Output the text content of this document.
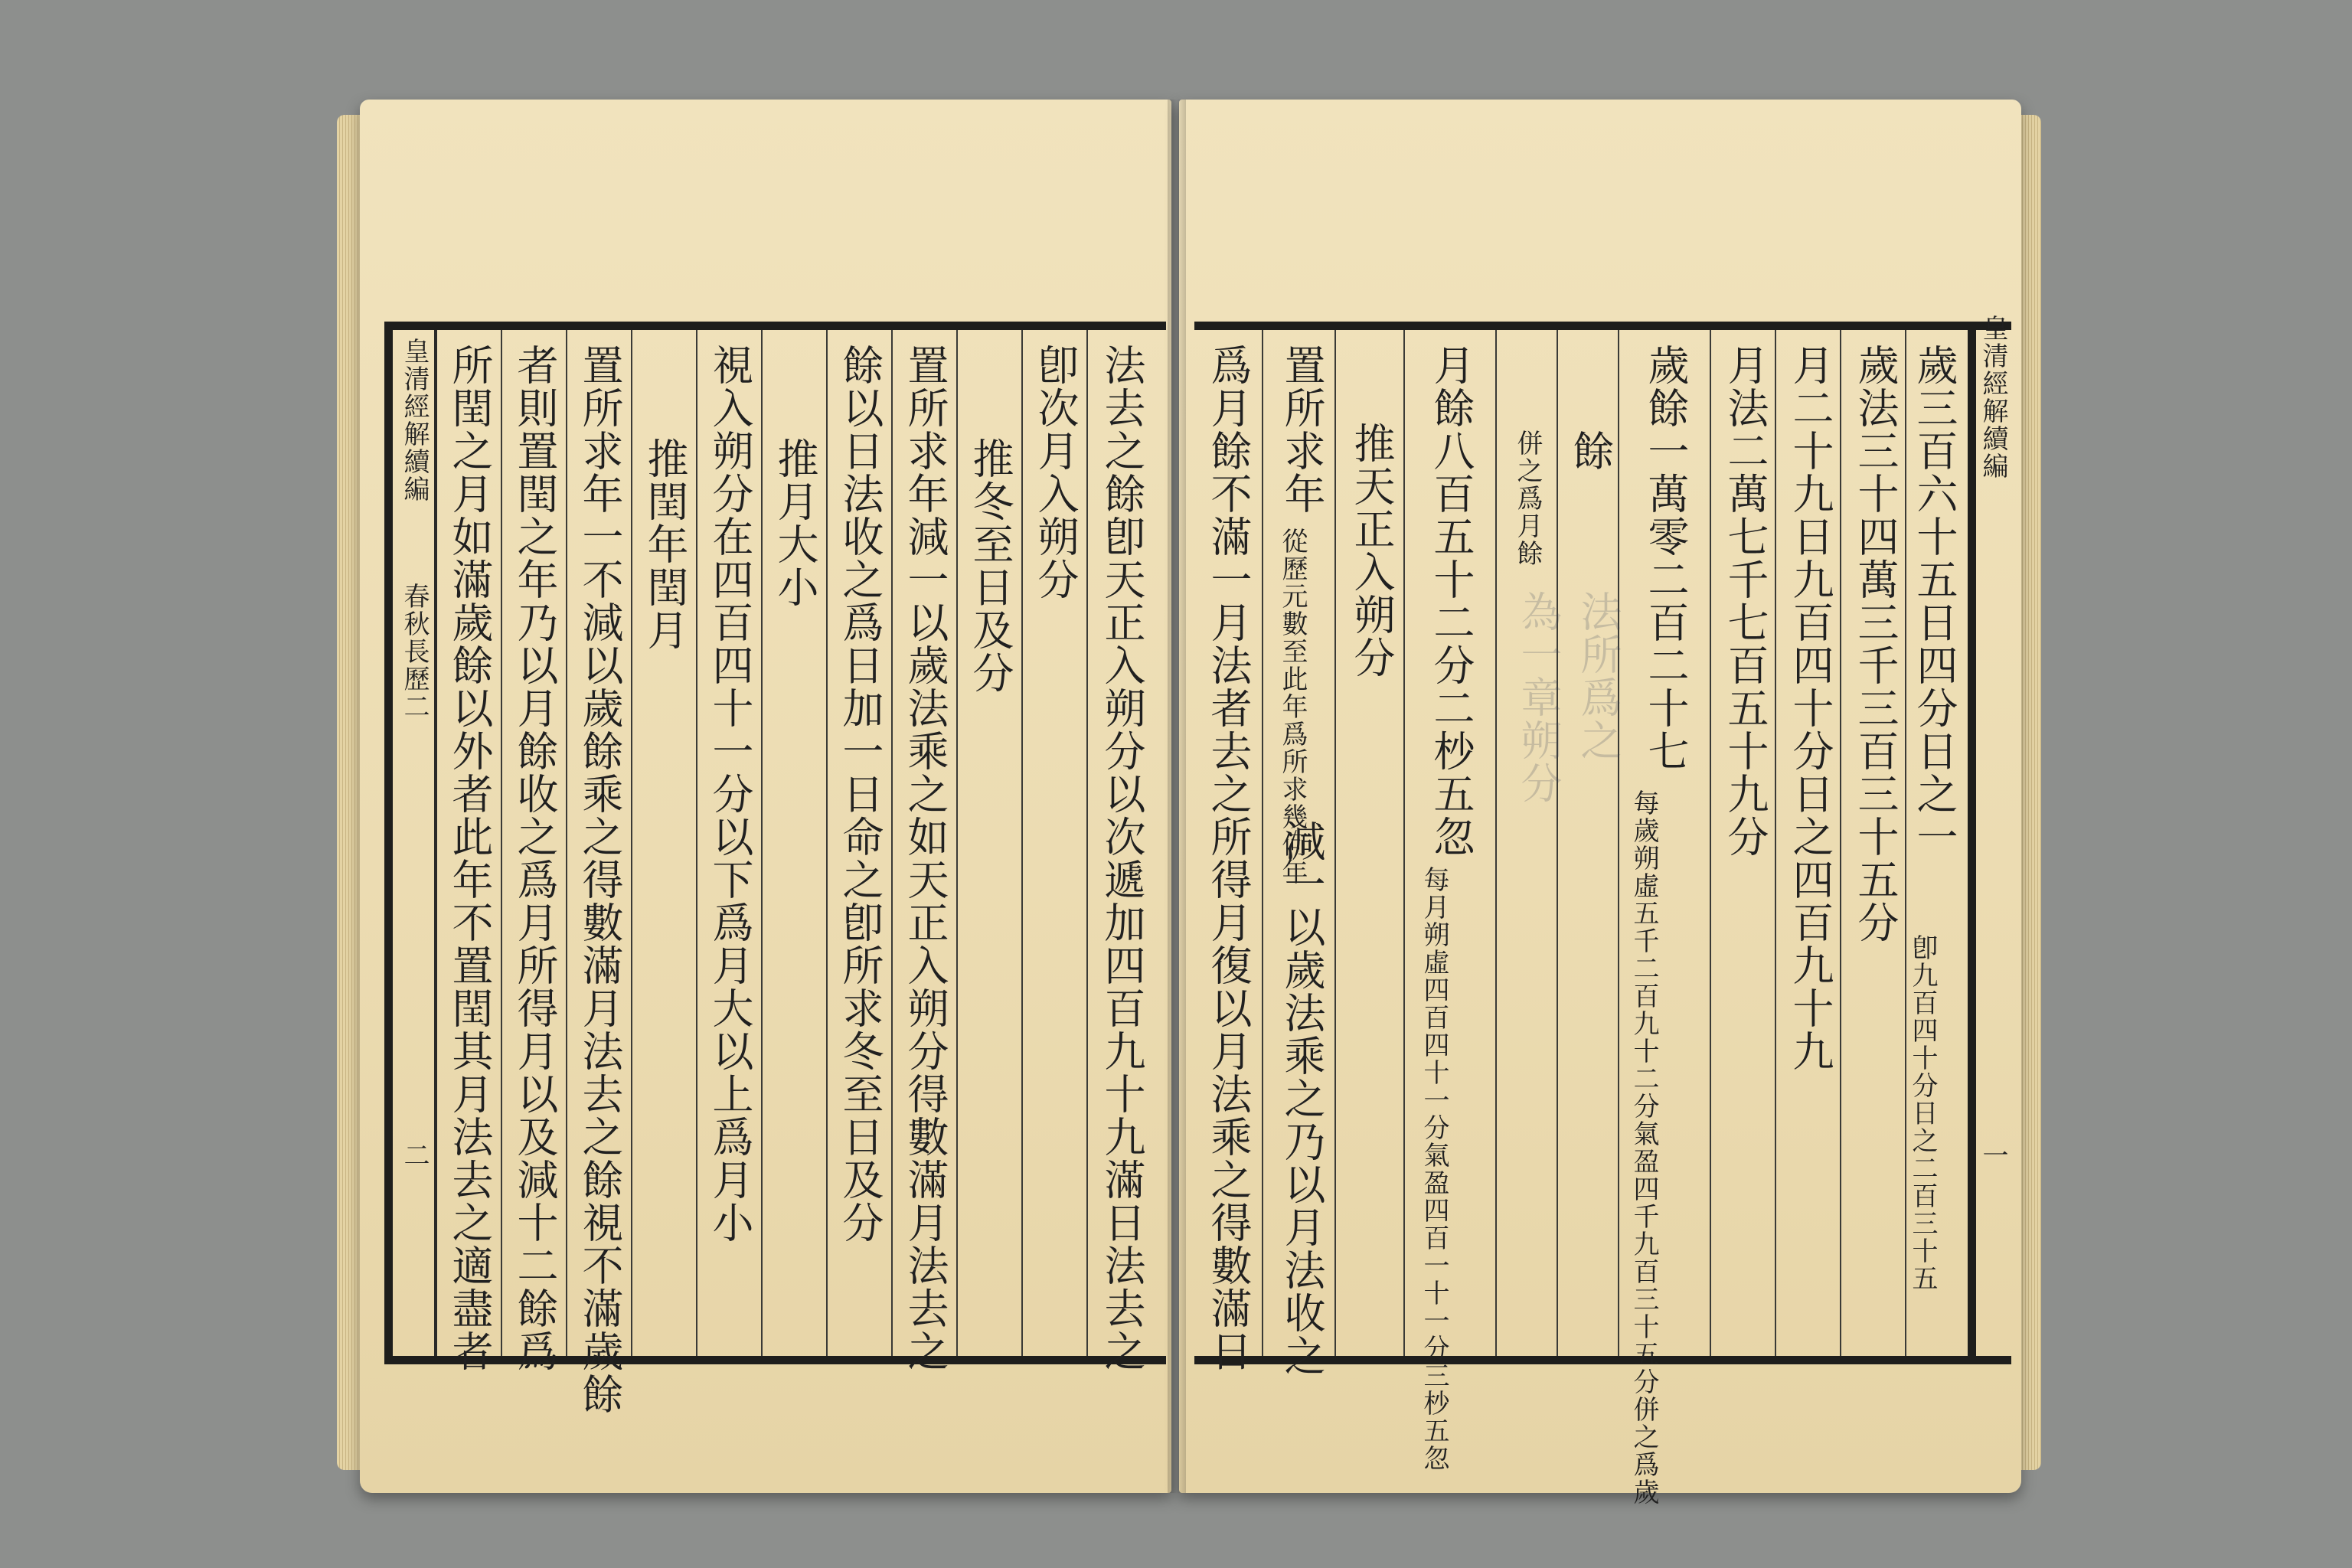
皇清經解續編
春秋長歷二
二 所閏之月如滿歲餘以外者此年不置閏其月法去之適盡者 者則置閏之年乃以月餘收之爲月所得月以及減十二餘爲 置所求年一不減以歲餘乘之得數滿月法去之餘視不滿歲餘 推閏年閏月 視入朔分在四百四十一分以下爲月大以上爲月小 推月大小 餘以日法收之爲日加一日命之卽所求冬至日及分 置所求年減一以歲法乘之如天正入朔分得數滿月法去之 推冬至日及分 卽次月入朔分 法去之餘卽天正入朔分以次遞加四百九十九滿日法去之 爲月餘不滿一月法者去之所得月復以月法乘之得數滿日 置所求年
從歷元數至此年爲所求幾何年
減一以歲法乘之乃以月法收之
推天正入朔分 月餘八百五十二分二杪五忽
每月朔虛四百四十一分氣盈四百一十一分三杪五忽
併之爲月餘
為一章朔分
餘
法所爲之 歲餘一萬零二百二十七
每歲朔虛五千二百九十二分氣盈四千九百三十五分併之爲歲
月法二萬七千七百五十九分 月二十九日九百四十分日之四百九十九 歲法三十四萬三千三百三十五分 歲三百六十五日四分日之一 皇清經解續編
一
卽九百四十分日之二百三十五
